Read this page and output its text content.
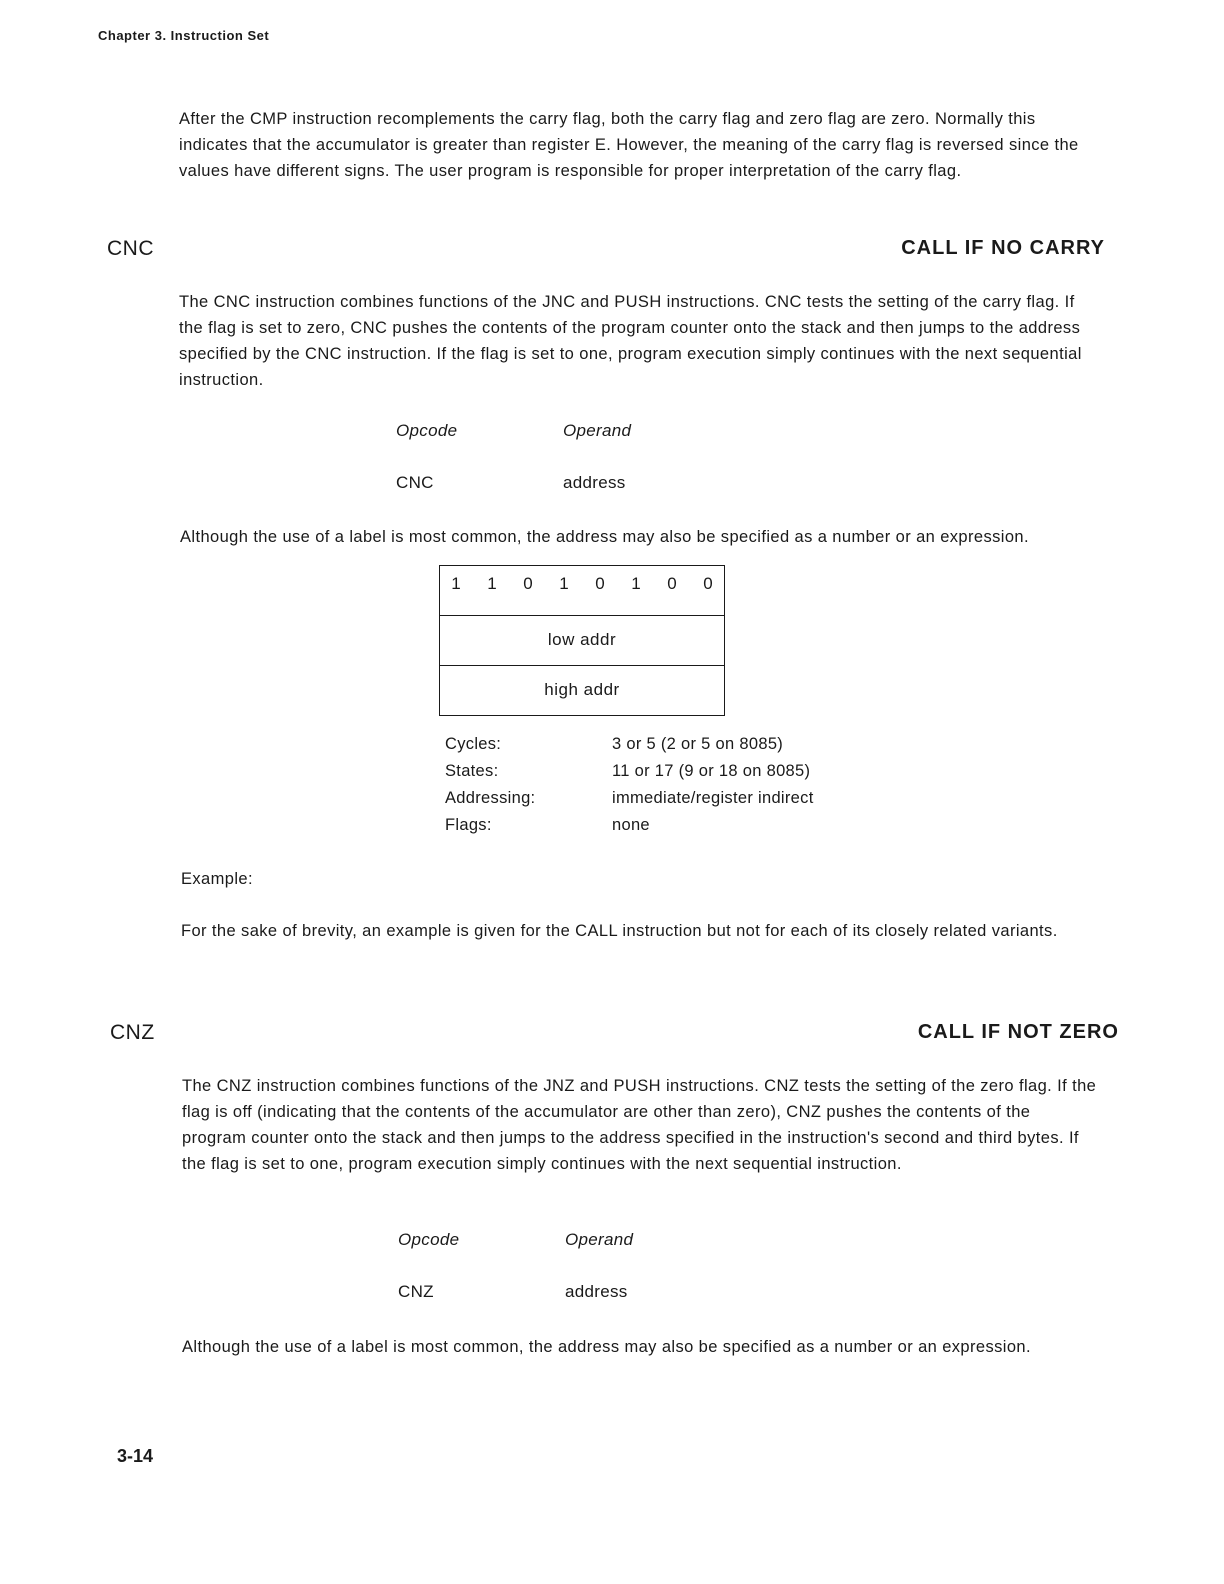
Chapter 3. Instruction Set

After the CMP instruction recomplements the carry flag, both the carry flag and zero flag are zero. Normally this indicates that the accumulator is greater than register E. However, the meaning of the carry flag is reversed since the values have different signs. The user program is responsible for proper interpretation of the carry flag.

CNC	CALL IF NO CARRY

The CNC instruction combines functions of the JNC and PUSH instructions. CNC tests the setting of the carry flag. If the flag is set to zero, CNC pushes the contents of the program counter onto the stack and then jumps to the address specified by the CNC instruction. If the flag is set to one, program execution simply continues with the next sequential instruction.

Opcode	Operand
CNC	address

Although the use of a label is most common, the address may also be specified as a number or an expression.

1	1	0	1	0	1	0	0
low addr
high addr
Cycles:	3 or 5 (2 or 5 on 8085)
States:	11 or 17 (9 or 18 on 8085)
Addressing:	immediate/register indirect
Flags:	none
Example:

For the sake of brevity, an example is given for the CALL instruction but not for each of its closely related variants.

CNZ	CALL IF NOT ZERO

The CNZ instruction combines functions of the JNZ and PUSH instructions. CNZ tests the setting of the zero flag. If the flag is off (indicating that the contents of the accumulator are other than zero), CNZ pushes the contents of the program counter onto the stack and then jumps to the address specified in the instruction's second and third bytes. If the flag is set to one, program execution simply continues with the next sequential instruction.

Opcode	Operand
CNZ	address

Although the use of a label is most common, the address may also be specified as a number or an expression.

3-14
